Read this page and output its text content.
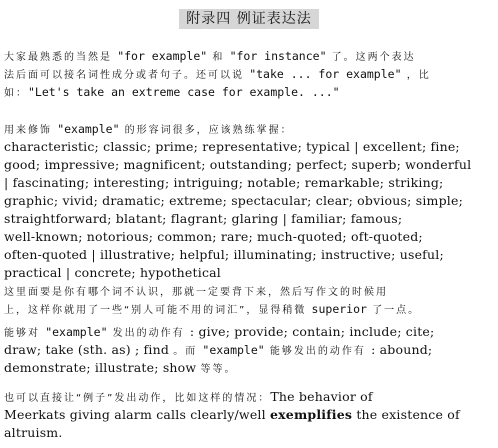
附录四 例证表达法
大家最熟悉的当然是 "for example" 和 "for instance" 了。这两个表达
法后面可以接名词性成分或者句子。还可以说 "take ... for example" ，比
如："Let's take an extreme case for example. ..."
用来修饰 "example" 的形容词很多，应该熟练掌握：
characteristic; classic; prime; representative; typical | excellent; fine;
good; impressive; magnificent; outstanding; perfect; superb; wonderful
| fascinating; interesting; intriguing; notable; remarkable; striking;
graphic; vivid; dramatic; extreme; spectacular; clear; obvious; simple;
straightforward; blatant; flagrant; glaring | familiar; famous;
well-known; notorious; common; rare; much-quoted; oft-quoted;
often-quoted | illustrative; helpful; illuminating; instructive; useful;
practical | concrete; hypothetical
这里面要是你有哪个词不认识，那就一定要背下来，然后写作文的时候用
上，这样你就用了一些“别人可能不用的词汇”，显得稍微 superior 了一点。
能够对 "example" 发出的动作有 : give; provide; contain; include; cite;
draw; take (sth. as) ; find 。而 "example" 能够发出的动作有 : abound;
demonstrate; illustrate; show 等等。
也可以直接让“例子”发出动作，比如这样的情况：The behavior of
Meerkats giving alarm calls clearly/well exemplifies the existence of
altruism.
